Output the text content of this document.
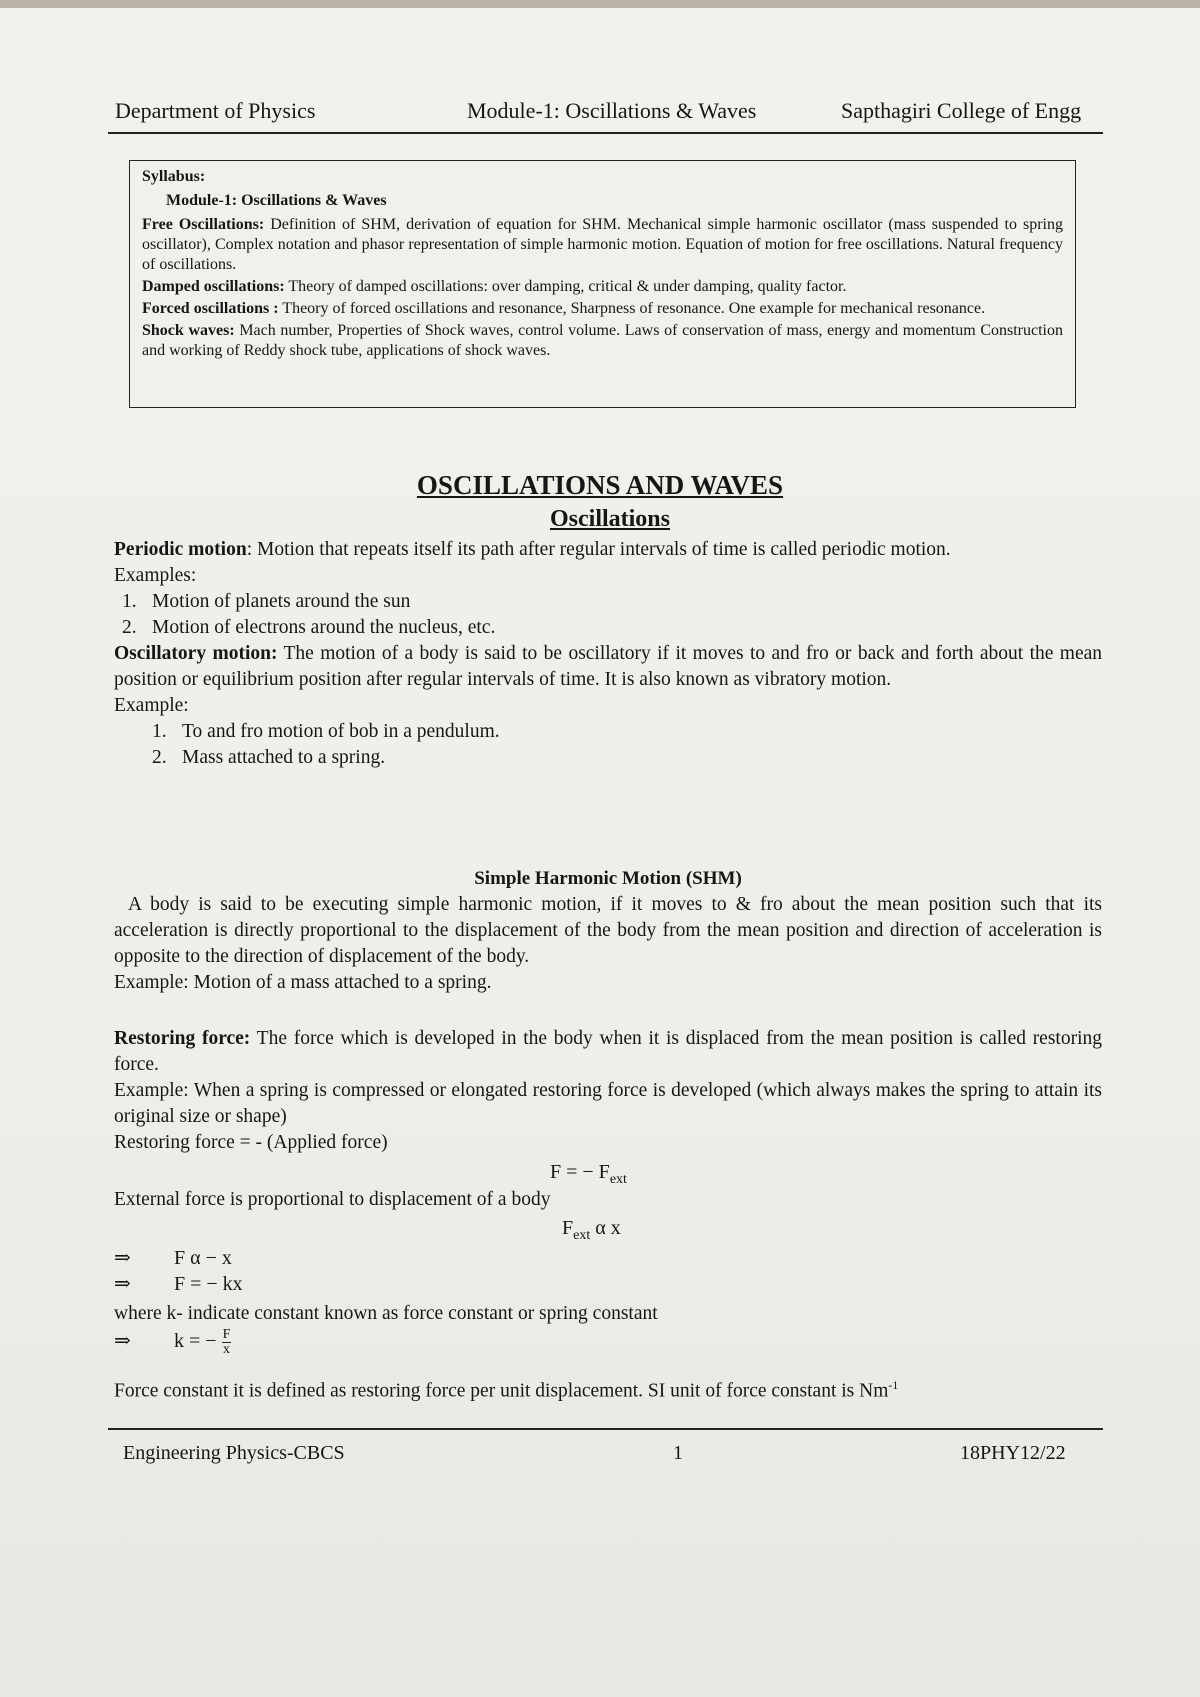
Department of Physics	Module-1: Oscillations & Waves	Sapthagiri College of Engg

Syllabus:

Module-1: Oscillations & Waves

Free Oscillations: Definition of SHM, derivation of equation for SHM. Mechanical simple harmonic oscillator (mass suspended to spring oscillator), Complex notation and phasor representation of simple harmonic motion. Equation of motion for free oscillations. Natural frequency of oscillations.

Damped oscillations: Theory of damped oscillations: over damping, critical & under damping, quality factor.

Forced oscillations : Theory of forced oscillations and resonance, Sharpness of resonance. One example for mechanical resonance.

Shock waves: Mach number, Properties of Shock waves, control volume. Laws of conservation of mass, energy and momentum Construction and working of Reddy shock tube, applications of shock waves.

OSCILLATIONS AND WAVES
Oscillations

Periodic motion: Motion that repeats itself its path after regular intervals of time is called periodic motion.

Examples:

1. Motion of planets around the sun
2. Motion of electrons around the nucleus, etc.

Oscillatory motion: The motion of a body is said to be oscillatory if it moves to and fro or back and forth about the mean position or equilibrium position after regular intervals of time. It is also known as vibratory motion.

Example:

1. To and fro motion of bob in a pendulum.
2. Mass attached to a spring.
Simple Harmonic Motion (SHM)

A body is said to be executing simple harmonic motion, if it moves to & fro about the mean position such that its acceleration is directly proportional to the displacement of the body from the mean position and direction of acceleration is opposite to the direction of displacement of the body.

Example: Motion of a mass attached to a spring.

Restoring force: The force which is developed in the body when it is displaced from the mean position is called restoring force.

Example: When a spring is compressed or elongated restoring force is developed (which always makes the spring to attain its original size or shape)

Restoring force = - (Applied force)

F = − $F_{ext}$
External force is proportional to displacement of a body
$F_{ext}$ α x
⇒ F α − x
⇒ F = − kx
where k- indicate constant known as force constant or spring constant
⇒ k = − $\frac{F}{x}$
Force constant it is defined as restoring force per unit displacement. SI unit of force constant is $Nm^{-1}$
Engineering Physics-CBCS	1	18PHY12/22
